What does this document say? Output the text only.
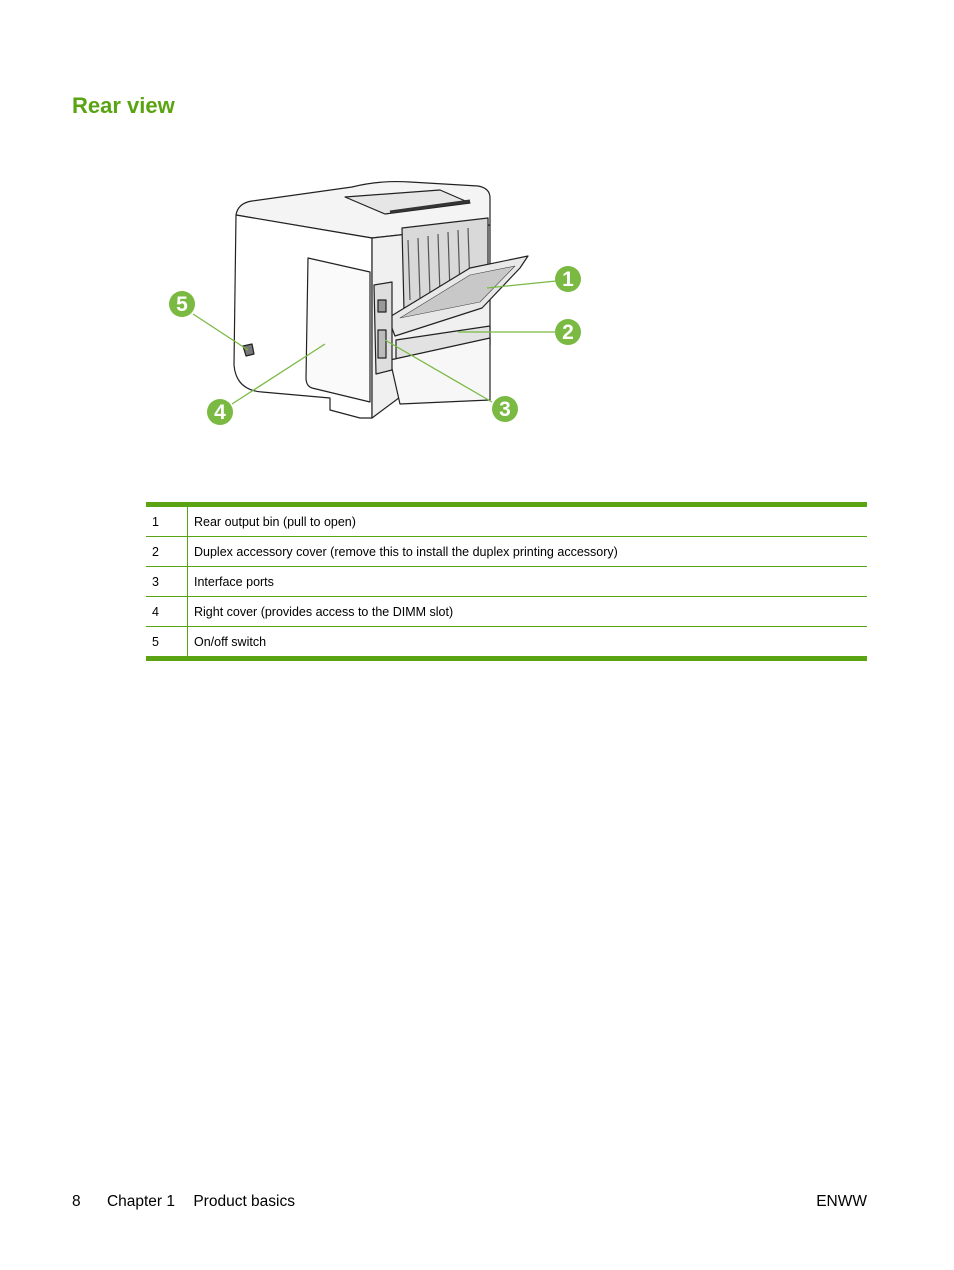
Rear view
1
2
3
4
5
1	Rear output bin (pull to open)
2	Duplex accessory cover (remove this to install the duplex printing accessory)
3	Interface ports
4	Right cover (provides access to the DIMM slot)
5	On/off switch
8 Chapter 1 Product basics	ENWW
